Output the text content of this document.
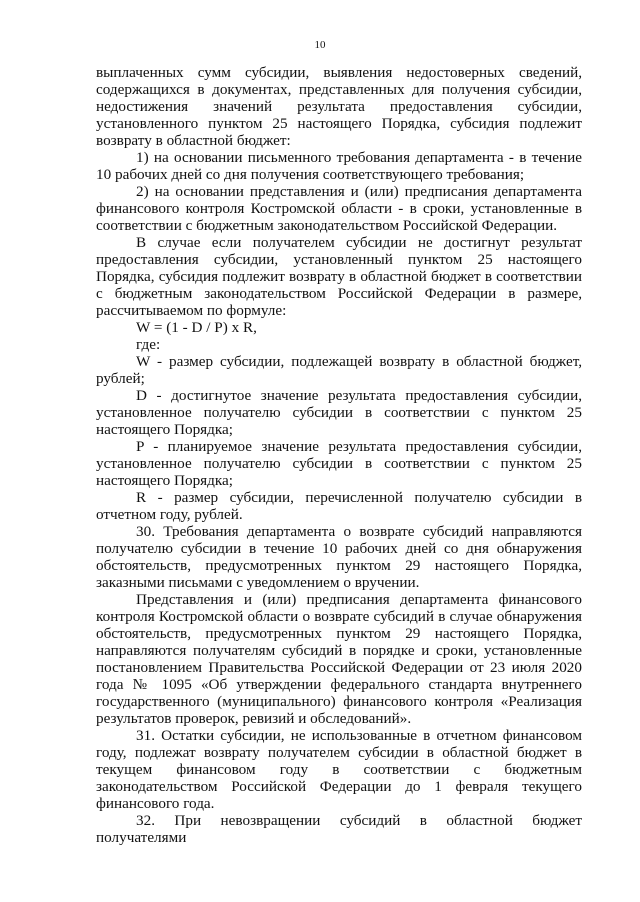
10

выплаченных сумм субсидии, выявления недостоверных сведений, содержащихся в документах, представленных для получения субсидии, недостижения значений результата предоставления субсидии, установленного пунктом 25 настоящего Порядка, субсидия подлежит возврату в областной бюджет:

1) на основании письменного требования департамента - в течение 10 рабочих дней со дня получения соответствующего требования;

2) на основании представления и (или) предписания департамента финансового контроля Костромской области - в сроки, установленные в соответствии с бюджетным законодательством Российской Федерации.

В случае если получателем субсидии не достигнут результат предоставления субсидии, установленный пунктом 25 настоящего Порядка, субсидия подлежит возврату в областной бюджет в соответствии с бюджетным законодательством Российской Федерации в размере, рассчитываемом по формуле:

W = (1 - D / P) x R,

где:

W - размер субсидии, подлежащей возврату в областной бюджет, рублей;

D - достигнутое значение результата предоставления субсидии, установленное получателю субсидии в соответствии с пунктом 25 настоящего Порядка;

P - планируемое значение результата предоставления субсидии, установленное получателю субсидии в соответствии с пунктом 25 настоящего Порядка;

R - размер субсидии, перечисленной получателю субсидии в отчетном году, рублей.

30. Требования департамента о возврате субсидий направляются получателю субсидии в течение 10 рабочих дней со дня обнаружения обстоятельств, предусмотренных пунктом 29 настоящего Порядка, заказными письмами с уведомлением о вручении.

Представления и (или) предписания департамента финансового контроля Костромской области о возврате субсидий в случае обнаружения обстоятельств, предусмотренных пунктом 29 настоящего Порядка, направляются получателям субсидий в порядке и сроки, установленные постановлением Правительства Российской Федерации от 23 июля 2020 года № 1095 «Об утверждении федерального стандарта внутреннего государственного (муниципального) финансового контроля «Реализация результатов проверок, ревизий и обследований».

31. Остатки субсидии, не использованные в отчетном финансовом году, подлежат возврату получателем субсидии в областной бюджет в текущем финансовом году в соответствии с бюджетным законодательством Российской Федерации до 1 февраля текущего финансового года.

32. При невозвращении субсидий в областной бюджет получателями
